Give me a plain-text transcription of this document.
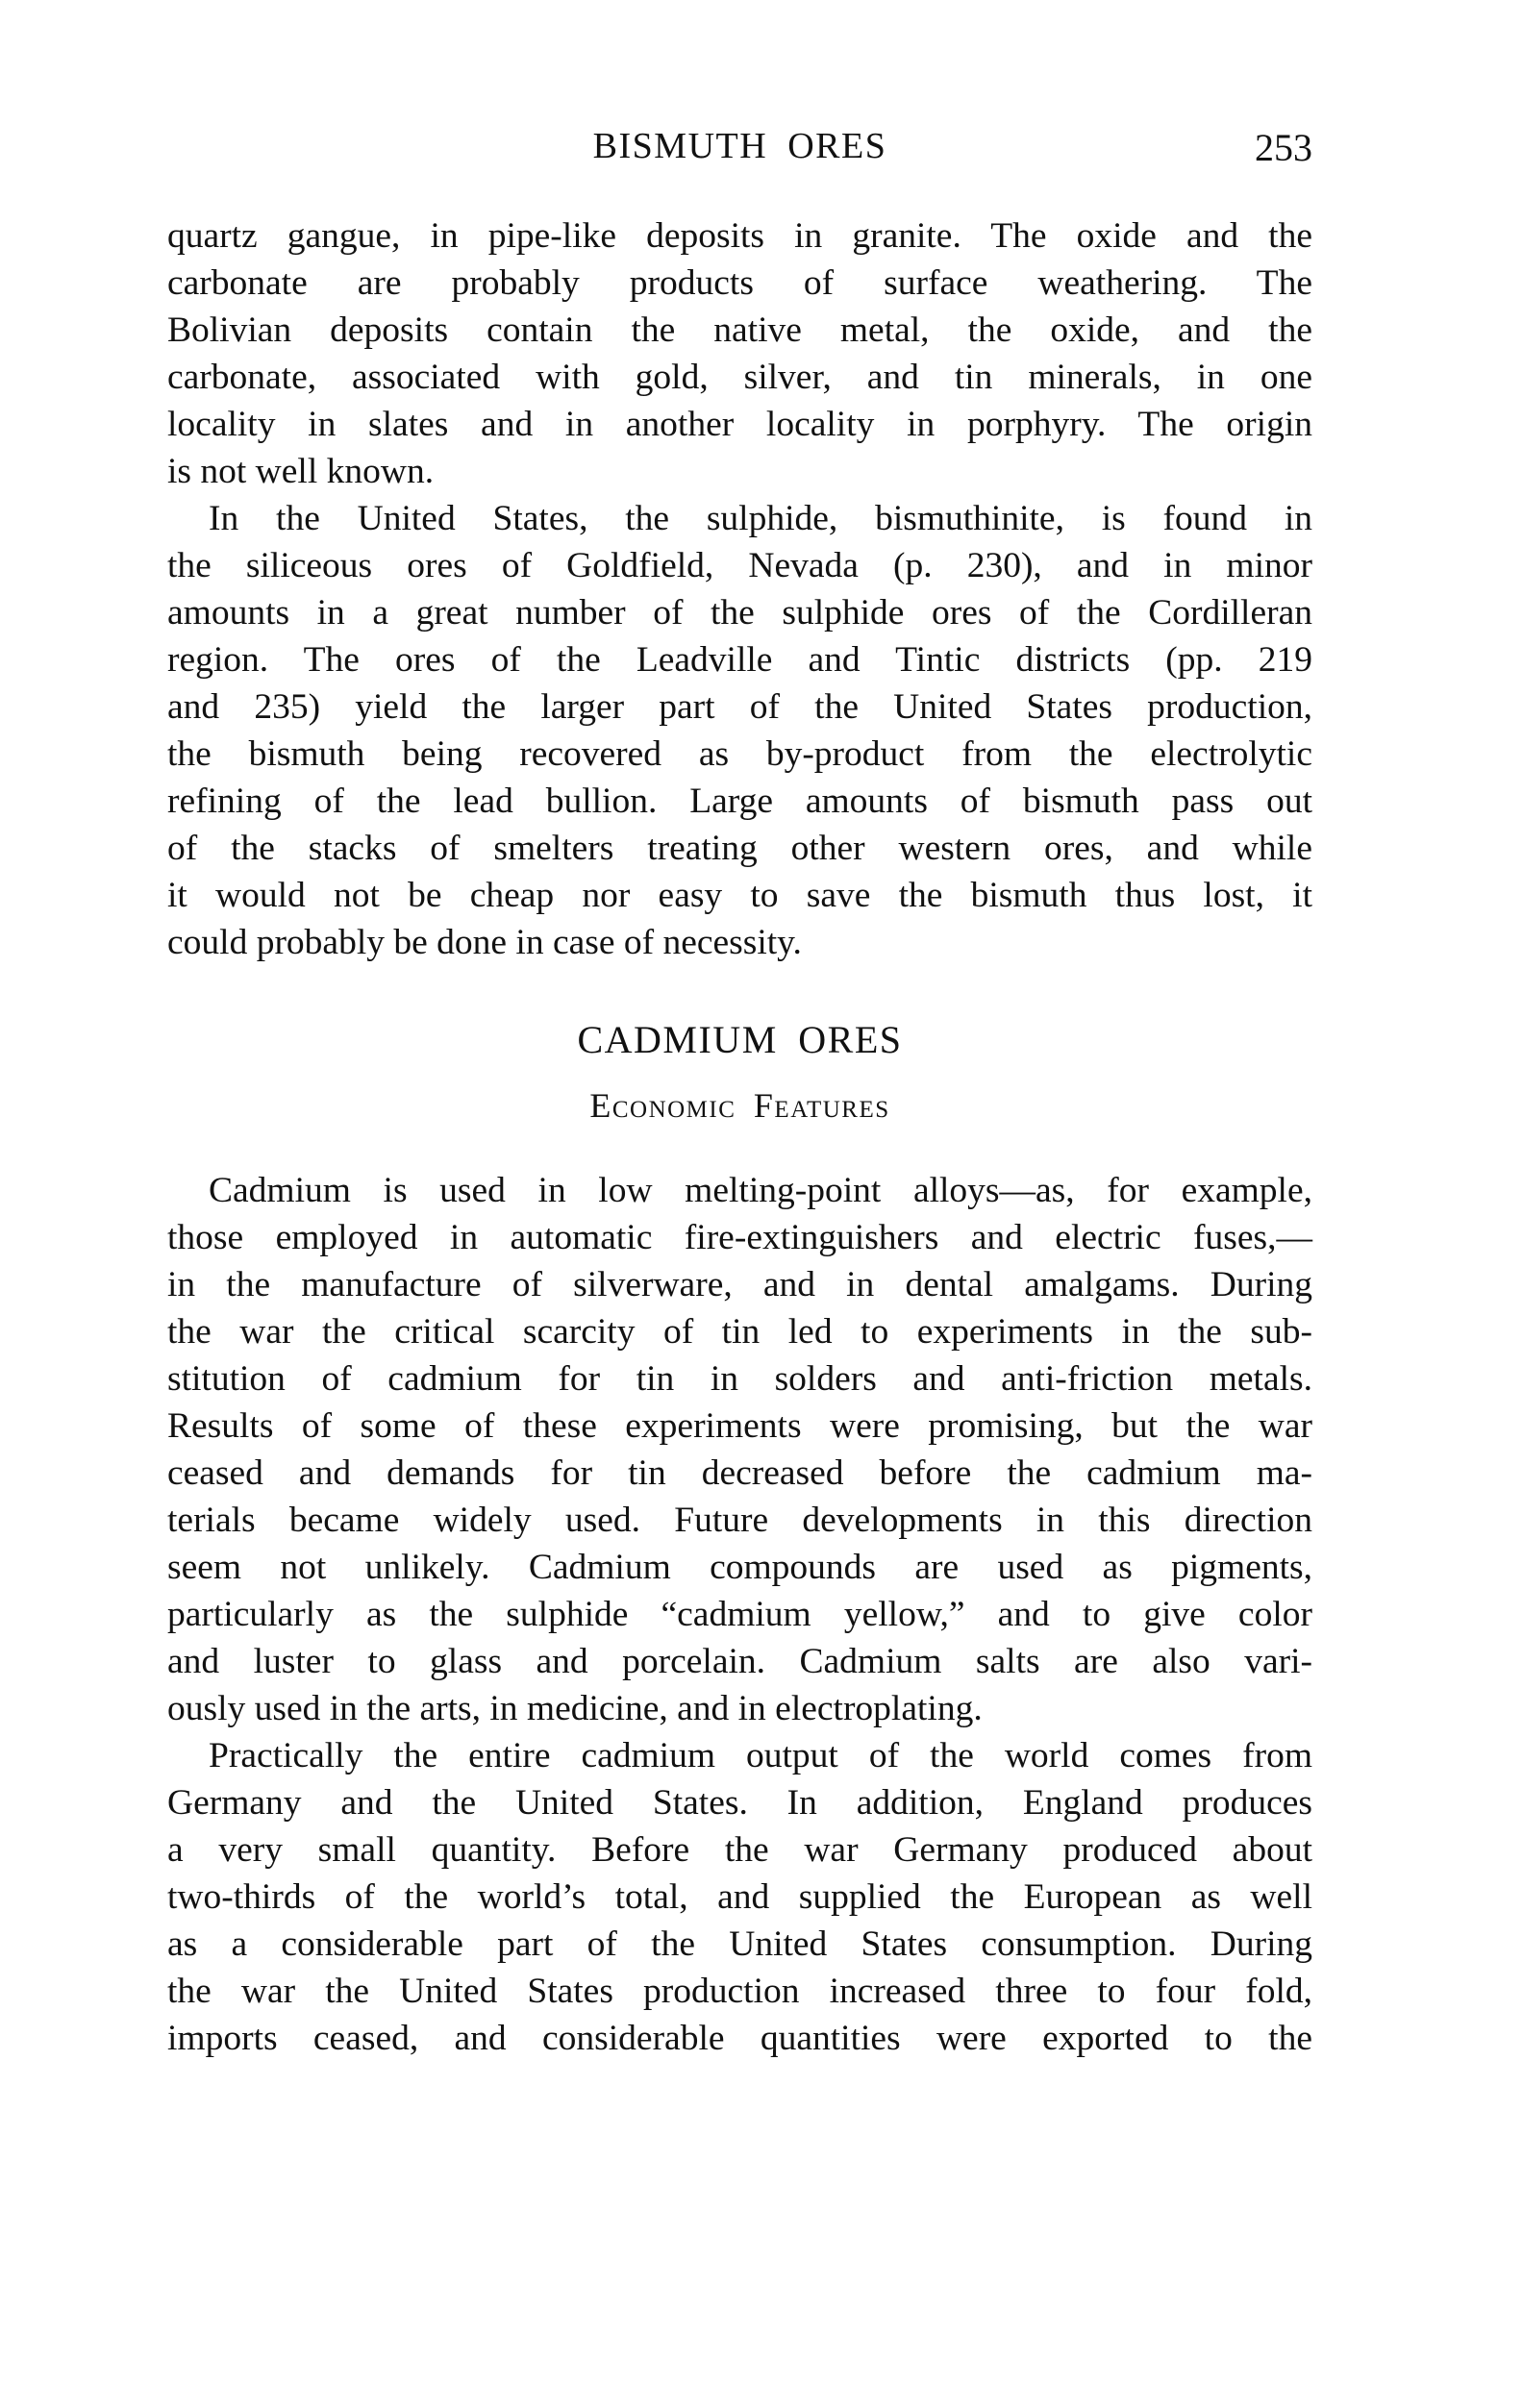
BISMUTH ORES	253
quartz gangue, in pipe-like deposits in granite. The oxide and the
carbonate are probably products of surface weathering. The
Bolivian deposits contain the native metal, the oxide, and the
carbonate, associated with gold, silver, and tin minerals, in one
locality in slates and in another locality in porphyry. The origin
is not well known.
In the United States, the sulphide, bismuthinite, is found in
the siliceous ores of Goldfield, Nevada (p. 230), and in minor
amounts in a great number of the sulphide ores of the Cordilleran
region. The ores of the Leadville and Tintic districts (pp. 219
and 235) yield the larger part of the United States production,
the bismuth being recovered as by-product from the electrolytic
refining of the lead bullion. Large amounts of bismuth pass out
of the stacks of smelters treating other western ores, and while
it would not be cheap nor easy to save the bismuth thus lost, it
could probably be done in case of necessity.
CADMIUM ORES
Economic Features
Cadmium is used in low melting-point alloys—as, for example,
those employed in automatic fire-extinguishers and electric fuses,—
in the manufacture of silverware, and in dental amalgams. During
the war the critical scarcity of tin led to experiments in the sub-
stitution of cadmium for tin in solders and anti-friction metals.
Results of some of these experiments were promising, but the war
ceased and demands for tin decreased before the cadmium ma-
terials became widely used. Future developments in this direction
seem not unlikely. Cadmium compounds are used as pigments,
particularly as the sulphide “cadmium yellow,” and to give color
and luster to glass and porcelain. Cadmium salts are also vari-
ously used in the arts, in medicine, and in electroplating.
Practically the entire cadmium output of the world comes from
Germany and the United States. In addition, England produces
a very small quantity. Before the war Germany produced about
two-thirds of the world’s total, and supplied the European as well
as a considerable part of the United States consumption. During
the war the United States production increased three to four fold,
imports ceased, and considerable quantities were exported to the
